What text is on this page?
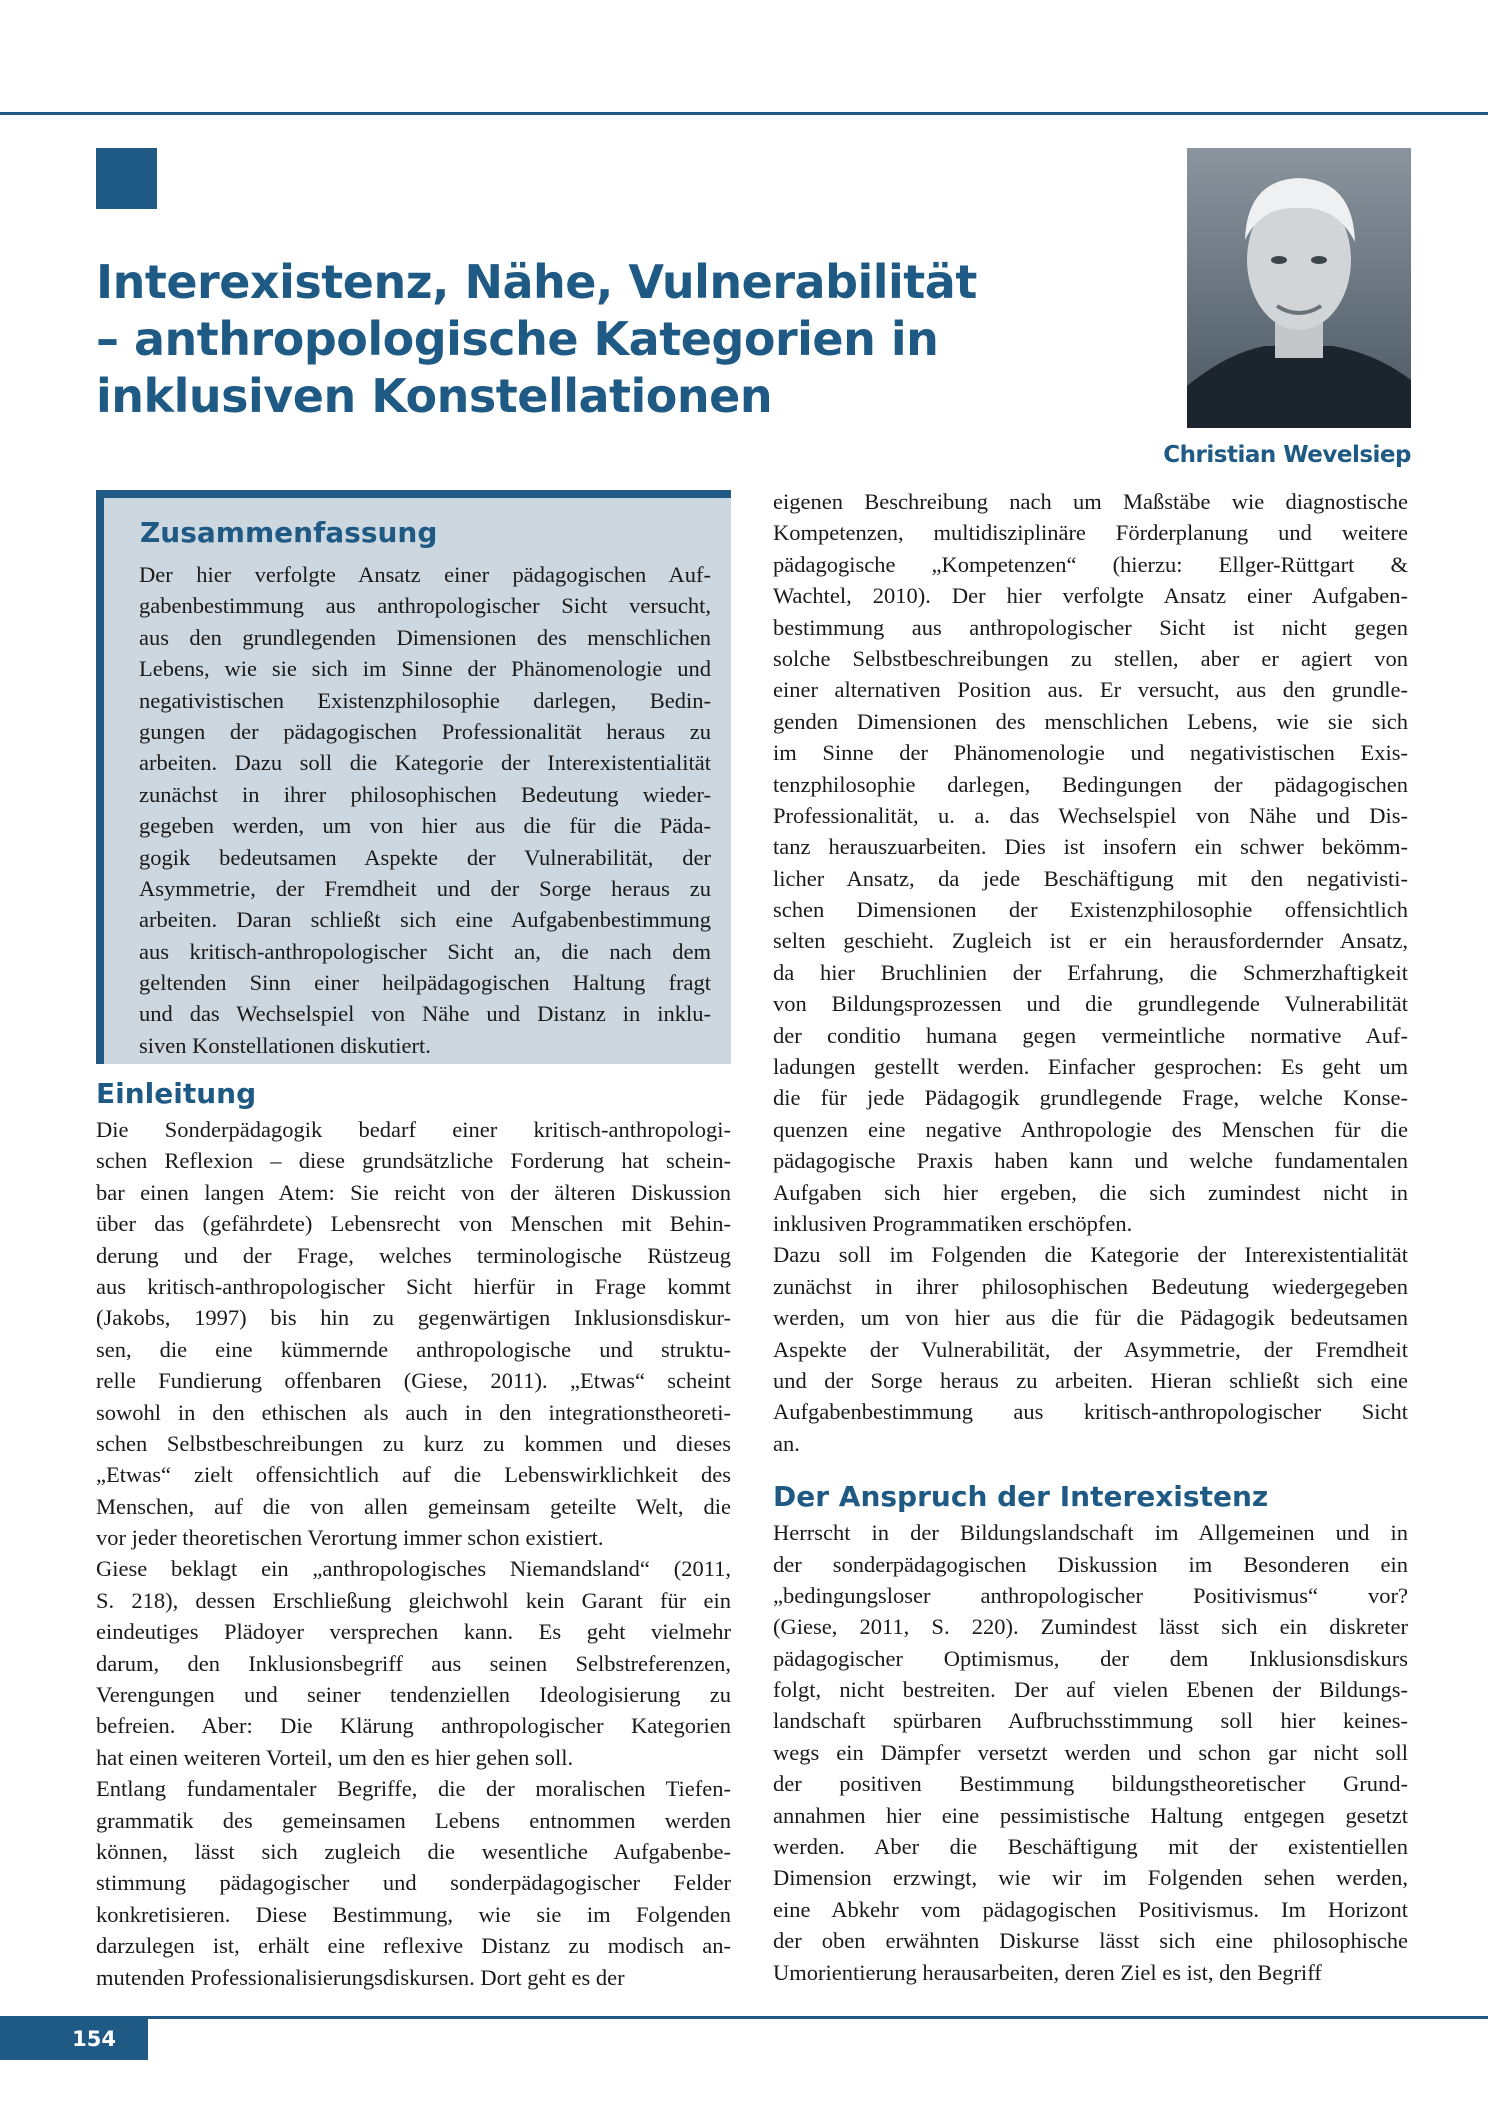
Interexistenz, Nähe, Vulnerabilität
– anthropologische Kategorien in
inklusiven Konstellationen
Christian Wevelsiep
Zusammenfassung
Der hier verfolgte Ansatz einer pädagogischen Auf-
gabenbestimmung aus anthropologischer Sicht versucht,
aus den grundlegenden Dimensionen des menschlichen
Lebens, wie sie sich im Sinne der Phänomenologie und
negativistischen Existenzphilosophie darlegen, Bedin-
gungen der pädagogischen Professionalität heraus zu
arbeiten. Dazu soll die Kategorie der Interexistentialität
zunächst in ihrer philosophischen Bedeutung wieder-
gegeben werden, um von hier aus die für die Päda-
gogik bedeutsamen Aspekte der Vulnerabilität, der
Asymmetrie, der Fremdheit und der Sorge heraus zu
arbeiten. Daran schließt sich eine Aufgabenbestimmung
aus kritisch-anthropologischer Sicht an, die nach dem
geltenden Sinn einer heilpädagogischen Haltung fragt
und das Wechselspiel von Nähe und Distanz in inklu-
siven Konstellationen diskutiert.
Einleitung
Die Sonderpädagogik bedarf einer kritisch-anthropologi-
schen Reflexion – diese grundsätzliche Forderung hat schein-
bar einen langen Atem: Sie reicht von der älteren Diskussion
über das (gefährdete) Lebensrecht von Menschen mit Behin-
derung und der Frage, welches terminologische Rüstzeug
aus kritisch-anthropologischer Sicht hierfür in Frage kommt
(Jakobs, 1997) bis hin zu gegenwärtigen Inklusionsdiskur-
sen, die eine kümmernde anthropologische und struktu-
relle Fundierung offenbaren (Giese, 2011). „Etwas“ scheint
sowohl in den ethischen als auch in den integrationstheoreti-
schen Selbstbeschreibungen zu kurz zu kommen und dieses
„Etwas“ zielt offensichtlich auf die Lebenswirklichkeit des
Menschen, auf die von allen gemeinsam geteilte Welt, die
vor jeder theoretischen Verortung immer schon existiert.
Giese beklagt ein „anthropologisches Niemandsland“ (2011,
S. 218), dessen Erschließung gleichwohl kein Garant für ein
eindeutiges Plädoyer versprechen kann. Es geht vielmehr
darum, den Inklusionsbegriff aus seinen Selbstreferenzen,
Verengungen und seiner tendenziellen Ideologisierung zu
befreien. Aber: Die Klärung anthropologischer Kategorien
hat einen weiteren Vorteil, um den es hier gehen soll.
Entlang fundamentaler Begriffe, die der moralischen Tiefen-
grammatik des gemeinsamen Lebens entnommen werden
können, lässt sich zugleich die wesentliche Aufgabenbe-
stimmung pädagogischer und sonderpädagogischer Felder
konkretisieren. Diese Bestimmung, wie sie im Folgenden
darzulegen ist, erhält eine reflexive Distanz zu modisch an-
mutenden Professionalisierungsdiskursen. Dort geht es der
eigenen Beschreibung nach um Maßstäbe wie diagnostische
Kompetenzen, multidisziplinäre Förderplanung und weitere
pädagogische „Kompetenzen“ (hierzu: Ellger-Rüttgart &
Wachtel, 2010). Der hier verfolgte Ansatz einer Aufgaben-
bestimmung aus anthropologischer Sicht ist nicht gegen
solche Selbstbeschreibungen zu stellen, aber er agiert von
einer alternativen Position aus. Er versucht, aus den grundle-
genden Dimensionen des menschlichen Lebens, wie sie sich
im Sinne der Phänomenologie und negativistischen Exis-
tenzphilosophie darlegen, Bedingungen der pädagogischen
Professionalität, u. a. das Wechselspiel von Nähe und Dis-
tanz herauszuarbeiten. Dies ist insofern ein schwer bekömm-
licher Ansatz, da jede Beschäftigung mit den negativisti-
schen Dimensionen der Existenzphilosophie offensichtlich
selten geschieht. Zugleich ist er ein herausfordernder Ansatz,
da hier Bruchlinien der Erfahrung, die Schmerzhaftigkeit
von Bildungsprozessen und die grundlegende Vulnerabilität
der conditio humana gegen vermeintliche normative Auf-
ladungen gestellt werden. Einfacher gesprochen: Es geht um
die für jede Pädagogik grundlegende Frage, welche Konse-
quenzen eine negative Anthropologie des Menschen für die
pädagogische Praxis haben kann und welche fundamentalen
Aufgaben sich hier ergeben, die sich zumindest nicht in
inklusiven Programmatiken erschöpfen.
Dazu soll im Folgenden die Kategorie der Interexistentialität
zunächst in ihrer philosophischen Bedeutung wiedergegeben
werden, um von hier aus die für die Pädagogik bedeutsamen
Aspekte der Vulnerabilität, der Asymmetrie, der Fremdheit
und der Sorge heraus zu arbeiten. Hieran schließt sich eine
Aufgabenbestimmung aus kritisch-anthropologischer Sicht
an.
Der Anspruch der Interexistenz
Herrscht in der Bildungslandschaft im Allgemeinen und in
der sonderpädagogischen Diskussion im Besonderen ein
„bedingungsloser anthropologischer Positivismus“ vor?
(Giese, 2011, S. 220). Zumindest lässt sich ein diskreter
pädagogischer Optimismus, der dem Inklusionsdiskurs
folgt, nicht bestreiten. Der auf vielen Ebenen der Bildungs-
landschaft spürbaren Aufbruchsstimmung soll hier keines-
wegs ein Dämpfer versetzt werden und schon gar nicht soll
der positiven Bestimmung bildungstheoretischer Grund-
annahmen hier eine pessimistische Haltung entgegen gesetzt
werden. Aber die Beschäftigung mit der existentiellen
Dimension erzwingt, wie wir im Folgenden sehen werden,
eine Abkehr vom pädagogischen Positivismus. Im Horizont
der oben erwähnten Diskurse lässt sich eine philosophische
Umorientierung herausarbeiten, deren Ziel es ist, den Begriff
154
